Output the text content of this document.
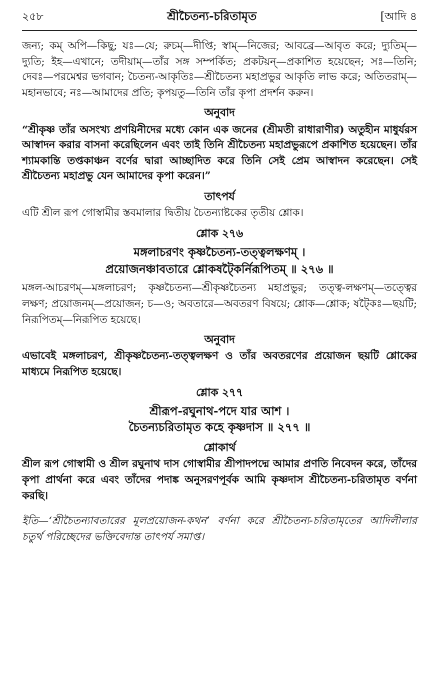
২৫৮	শ্রীচৈতন্য-চরিতামৃত	[আদি ৪

জন্য; কম্ অপি—কিছু; যঃ—যে; রুচম্—দীপ্তি; স্বাম্—নিজের; আবব্রে—আবৃত করে; দ্যুতিম্—দ্যুতি; ইহ—এখানে; তদীয়াম্—তাঁর সঙ্গ সম্পর্কিত; প্রকটয়ন্—প্রকাশিত হয়েছেন; সঃ—তিনি; দেবঃ—পরমেশ্বর ভগবান; চৈতন্য-আকৃতিঃ—শ্রীচৈতন্য মহাপ্রভুর আকৃতি লাভ করে; অতিতরাম্—মহানভাবে; নঃ—আমাদের প্রতি; কৃপয়তু—তিনি তাঁর কৃপা প্রদর্শন করুন।

অনুবাদ

“শ্রীকৃষ্ণ তাঁর অসংখ্য প্রণয়িনীদের মধ্যে কোন এক জনের (শ্রীমতী রাধারাণীর) অতুহীন মাধুর্যরস আস্বাদন করার বাসনা করেছিলেন এবং তাই তিনি শ্রীচৈতন্য মহাপ্রভুরূপে প্রকাশিত হয়েছেন। তাঁর শ্যামকান্তি তপ্তকাঞ্চন বর্ণের দ্বারা আচ্ছাদিত করে তিনি সেই প্রেম আস্বাদন করেছেন। সেই শ্রীচৈতন্য মহাপ্রভু যেন আমাদের কৃপা করেন।”

তাৎপর্য

এটি শ্রীল রূপ গোস্বামীর স্তবমালার দ্বিতীয় চৈতন্যাষ্টকের তৃতীয় শ্লোক।

শ্লোক ২৭৬

মঙ্গলাচরণং কৃষ্ণচৈতন্য-তত্ত্বলক্ষণম্ ।

প্রয়োজনঞ্চাবতারে শ্লোকষট্কৈর্নিরূপিতম্ ॥ ২৭৬ ॥

মঙ্গল-আচরণম্—মঙ্গলাচরণ; কৃষ্ণচৈতন্য—শ্রীকৃষ্ণচৈতন্য মহাপ্রভুর; তত্ত্ব-লক্ষণম্—তত্ত্বের লক্ষণ; প্রয়োজনম্—প্রয়োজন; চ—ও; অবতারে—অবতরণ বিষয়ে; শ্লোক—শ্লোক; ষট্কৈঃ—ছয়টি; নিরূপিতম্—নিরূপিত হয়েছে।

অনুবাদ

এভাবেই মঙ্গলাচরণ, শ্রীকৃষ্ণচৈতন্য-তত্ত্বলক্ষণ ও তাঁর অবতরণের প্রয়োজন ছয়টি শ্লোকের মাধ্যমে নিরূপিত হয়েছে।

শ্লোক ২৭৭

শ্রীরূপ-রঘুনাথ-পদে যার আশ ।

চৈতন্যচরিতামৃত কহে কৃষ্ণদাস ॥ ২৭৭ ॥

শ্লোকার্থ

শ্রীল রূপ গোস্বামী ও শ্রীল রঘুনাথ দাস গোস্বামীর শ্রীপাদপদ্মে আমার প্রণতি নিবেদন করে, তাঁদের কৃপা প্রার্থনা করে এবং তাঁদের পদাঙ্ক অনুসরণপূর্বক আমি কৃষ্ণদাস শ্রীচৈতন্য-চরিতামৃত বর্ণনা করছি।

ইতি—‘শ্রীচৈতন্যাবতারের মূলপ্রয়োজন-কথন’ বর্ণনা করে শ্রীচৈতন্য-চরিতামৃতের আদিলীলার চতুর্থ পরিচ্ছেদের ভক্তিবেদান্ত তাৎপর্য সমাপ্ত।
